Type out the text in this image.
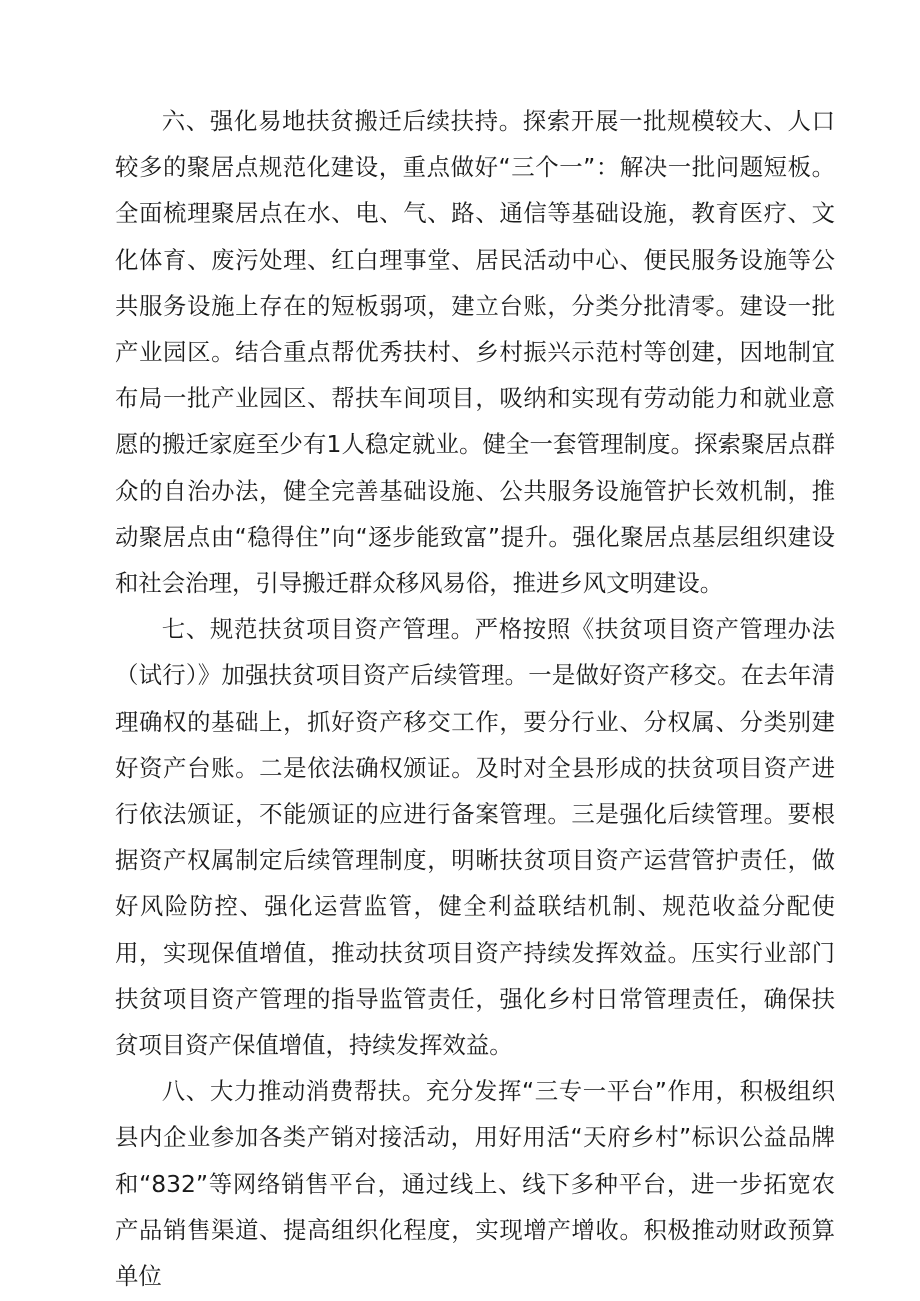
六、强化易地扶贫搬迁后续扶持。探索开展一批规模较大、人口较多的聚居点规范化建设，重点做好“三个一”：解决一批问题短板。全面梳理聚居点在水、电、气、路、通信等基础设施，教育医疗、文化体育、废污处理、红白理事堂、居民活动中心、便民服务设施等公共服务设施上存在的短板弱项，建立台账，分类分批清零。建设一批产业园区。结合重点帮优秀扶村、乡村振兴示范村等创建，因地制宜布局一批产业园区、帮扶车间项目，吸纳和实现有劳动能力和就业意愿的搬迁家庭至少有1人稳定就业。健全一套管理制度。探索聚居点群众的自治办法，健全完善基础设施、公共服务设施管护长效机制，推动聚居点由“稳得住”向“逐步能致富”提升。强化聚居点基层组织建设和社会治理，引导搬迁群众移风易俗，推进乡风文明建设。

七、规范扶贫项目资产管理。严格按照《扶贫项目资产管理办法（试行）》加强扶贫项目资产后续管理。一是做好资产移交。在去年清理确权的基础上，抓好资产移交工作，要分行业、分权属、分类别建好资产台账。二是依法确权颁证。及时对全县形成的扶贫项目资产进行依法颁证，不能颁证的应进行备案管理。三是强化后续管理。要根据资产权属制定后续管理制度，明晰扶贫项目资产运营管护责任，做好风险防控、强化运营监管，健全利益联结机制、规范收益分配使用，实现保值增值，推动扶贫项目资产持续发挥效益。压实行业部门扶贫项目资产管理的指导监管责任，强化乡村日常管理责任，确保扶贫项目资产保值增值，持续发挥效益。

八、大力推动消费帮扶。充分发挥“三专一平台”作用，积极组织县内企业参加各类产销对接活动，用好用活“天府乡村”标识公益品牌和“832”等网络销售平台，通过线上、线下多种平台，进一步拓宽农产品销售渠道、提高组织化程度，实现增产增收。积极推动财政预算单位
